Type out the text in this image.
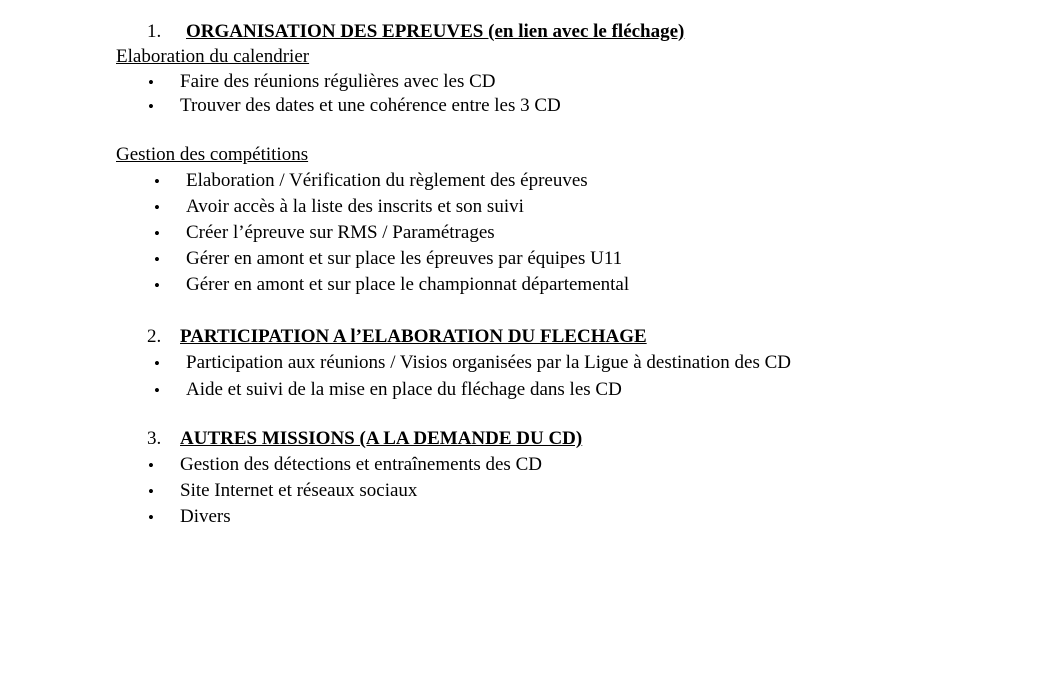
1. ORGANISATION DES EPREUVES (en lien avec le fléchage)
Elaboration du calendrier
• Faire des réunions régulières avec les CD
• Trouver des dates et une cohérence entre les 3 CD
Gestion des compétitions
• Elaboration / Vérification du règlement des épreuves
• Avoir accès à la liste des inscrits et son suivi
• Créer l’épreuve sur RMS / Paramétrages
• Gérer en amont et sur place les épreuves par équipes U11
• Gérer en amont et sur place le championnat départemental
2. PARTICIPATION A l’ELABORATION DU FLECHAGE
• Participation aux réunions / Visios organisées par la Ligue à destination des CD
• Aide et suivi de la mise en place du fléchage dans les CD
3. AUTRES MISSIONS (A LA DEMANDE DU CD)
• Gestion des détections et entraînements des CD
• Site Internet et réseaux sociaux
• Divers
